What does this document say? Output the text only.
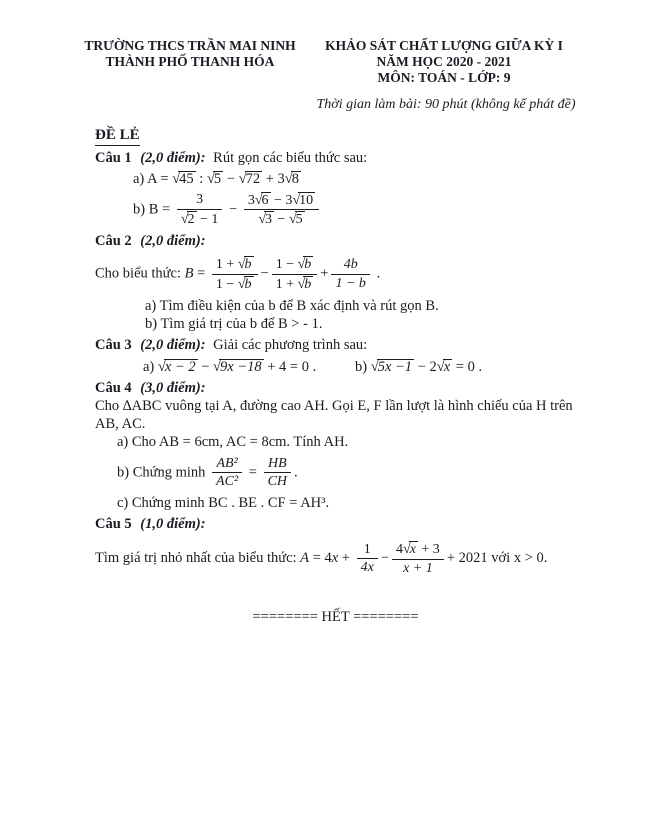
TRƯỜNG THCS TRẦN MAI NINH
THÀNH PHỐ THANH HÓA
KHẢO SÁT CHẤT LƯỢNG GIỮA KỲ I
NĂM HỌC 2020 - 2021
MÔN: TOÁN - LỚP: 9
Thời gian làm bài: 90 phút (không kể phát đề)
ĐỀ LẺ
Câu 1 (2,0 điểm): Rút gọn các biểu thức sau:
a) A = √45 : √5 − √72 + 3√8
b) $B = \frac{3}{√2 - 1} - \frac{3√6 - 3√10}{√3 - √5}$
Câu 2 (2,0 điểm):
Cho biểu thức: $B = \frac{1 + √b}{1 - √b} - \frac{1 - √b}{1 + √b} + \frac{4b}{1 - b}$ .
a) Tìm điều kiện của b để B xác định và rút gọn B.
b) Tìm giá trị của b để B > - 1.
Câu 3 (2,0 điểm): Giải các phương trình sau:
a) √x − 2 − √9x −18 + 4 = 0 .	b) √5x −1 − 2√x = 0 .
Câu 4 (3,0 điểm):
Cho ∆ABC vuông tại A, đường cao AH. Gọi E, F lần lượt là hình chiếu của H trên
AB, AC.
a) Cho AB = 6cm, AC = 8cm. Tính AH.
b) Chứng minh $\frac{\text{AB²}}{\text{AC²}} = \frac{HB}{CH}$ .
c) Chứng minh BC . BE . CF = AH³.
Câu 5 (1,0 điểm):
Tìm giá trị nhỏ nhất của biểu thức: $A = 4x + \frac{1}{4x} - \frac{4√x + 3}{x + 1} + 2021$ với x > 0.
======== HẾT ========
